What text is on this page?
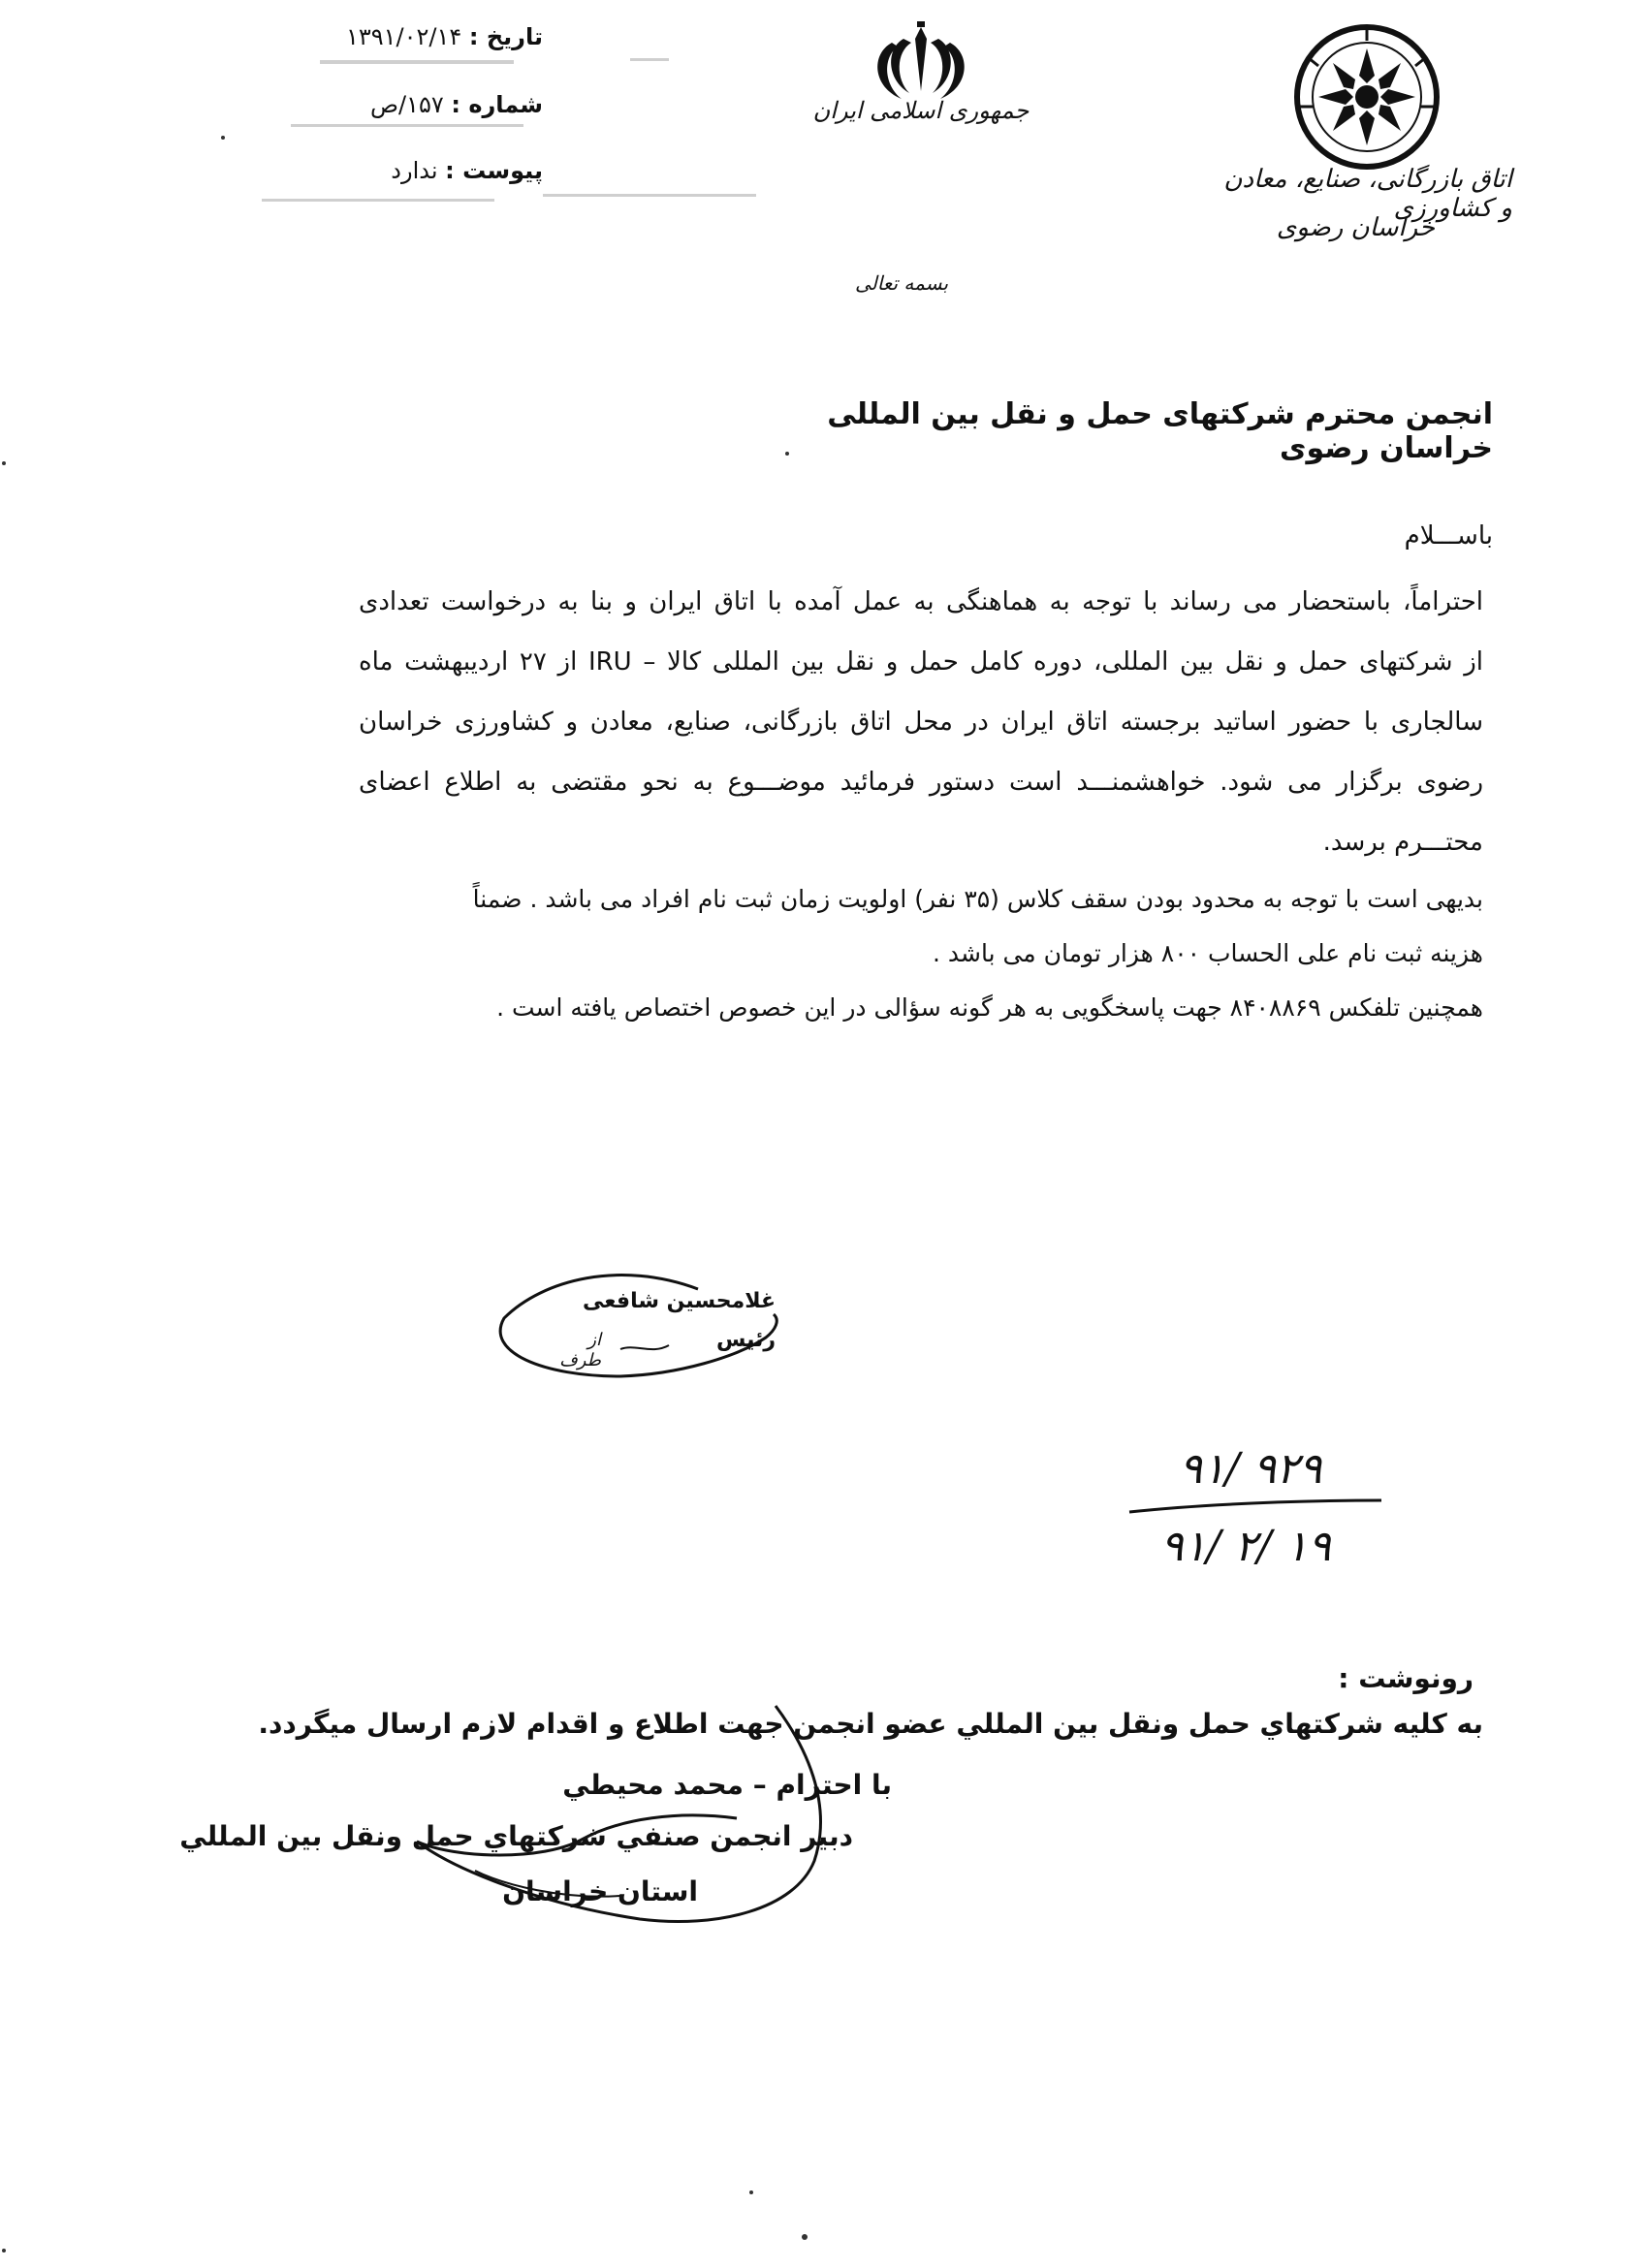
تاریخ : ۱۳۹۱/۰۲/۱۴
شماره : ۱۵۷/ص
پیوست : ندارد
جمهوری اسلامی ایران
اتاق بازرگانی، صنایع، معادن و کشاورزی
خراسان رضوی
بسمه تعالی
انجمن محترم شرکتهای حمل و نقل بین المللی خراسان رضوی
باســـلام
احتراماً، باستحضار می رساند با توجه به هماهنگی به عمل آمده با اتاق ایران و بنا به درخواست تعدادی
از شرکتهای حمل و نقل بین المللی، دوره کامل حمل و نقل بین المللی کالا – IRU از ۲۷ اردیبهشت ماه
سالجاری با حضور اساتید برجسته اتاق ایران در محل اتاق بازرگانی، صنایع، معادن و کشاورزی خراسان
رضوی برگزار می شود. خواهشمنـــد است دستور فرمائید موضـــوع به نحو مقتضی به اطلاع اعضای
محتـــرم برسد.
بدیهی است با توجه به محدود بودن سقف کلاس (۳۵ نفر) اولویت زمان ثبت نام افراد می باشد . ضمناً
هزینه ثبت نام علی الحساب ۸۰۰ هزار تومان می باشد .
همچنین تلفکس ۸۴۰۸۸۶۹ جهت پاسخگویی به هر گونه سؤالی در این خصوص اختصاص یافته است .
غلامحسین شافعی
رئیس
از طرف
۹۱/ ۹۲۹
۹۱/ ۲/ ۱۹
رونوشت :
به كليه شركتهاي حمل ونقل بين المللي عضو انجمن جهت اطلاع و اقدام لازم ارسال ميگردد.
با احترام – محمد محيطي
دبير انجمن صنفي شركتهاي حمل ونقل بين المللي
استان خراسان
